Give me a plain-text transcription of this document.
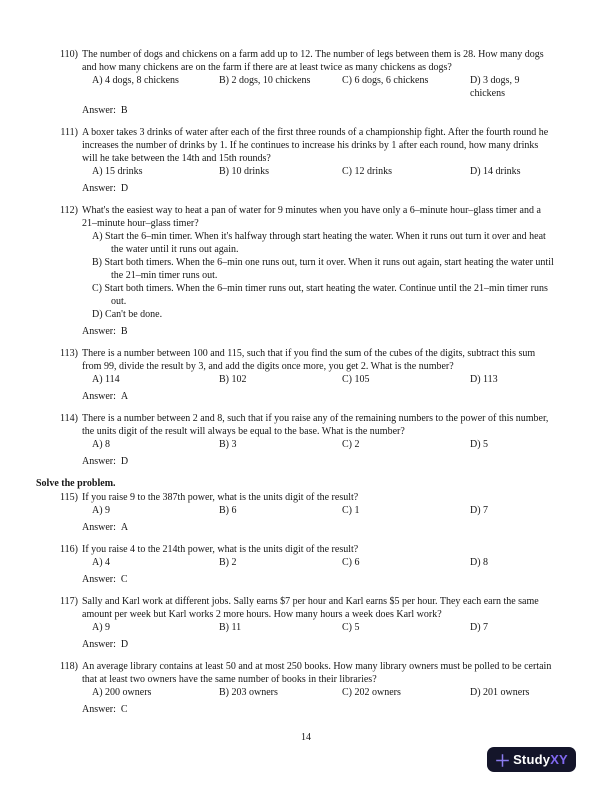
110) The number of dogs and chickens on a farm add up to 12. The number of legs between them is 28. How many dogs and how many chickens are on the farm if there are at least twice as many chickens as dogs?
A) 4 dogs, 8 chickens	B) 2 dogs, 10 chickens	C) 6 dogs, 6 chickens	D) 3 dogs, 9 chickens
Answer: B
111) A boxer takes 3 drinks of water after each of the first three rounds of a championship fight. After the fourth round he increases the number of drinks by 1. If he continues to increase his drinks by 1 after each round, how many drinks will he take between the 14th and 15th rounds?
A) 15 drinks	B) 10 drinks	C) 12 drinks	D) 14 drinks
Answer: D
112) What's the easiest way to heat a pan of water for 9 minutes when you have only a 6–minute hour–glass timer and a 21–minute hour–glass timer?
A) Start the 6–min timer. When it's halfway through start heating the water. When it runs out turn it over and heat the water until it runs out again.
B) Start both timers. When the 6–min one runs out, turn it over. When it runs out again, start heating the water until the 21–min timer runs out.
C) Start both timers. When the 6–min timer runs out, start heating the water. Continue until the 21–min timer runs out.
D) Can't be done.
Answer: B
113) There is a number between 100 and 115, such that if you find the sum of the cubes of the digits, subtract this sum from 99, divide the result by 3, and add the digits once more, you get 2. What is the number?
A) 114	B) 102	C) 105	D) 113
Answer: A
114) There is a number between 2 and 8, such that if you raise any of the remaining numbers to the power of this number, the units digit of the result will always be equal to the base. What is the number?
A) 8	B) 3	C) 2	D) 5
Answer: D
Solve the problem.
115) If you raise 9 to the 387th power, what is the units digit of the result?
A) 9	B) 6	C) 1	D) 7
Answer: A
116) If you raise 4 to the 214th power, what is the units digit of the result?
A) 4	B) 2	C) 6	D) 8
Answer: C
117) Sally and Karl work at different jobs. Sally earns $7 per hour and Karl earns $5 per hour. They each earn the same amount per week but Karl works 2 more hours. How many hours a week does Karl work?
A) 9	B) 11	C) 5	D) 7
Answer: D
118) An average library contains at least 50 and at most 250 books. How many library owners must be polled to be certain that at least two owners have the same number of books in their libraries?
A) 200 owners	B) 203 owners	C) 202 owners	D) 201 owners
Answer: C
14
StudyXY
